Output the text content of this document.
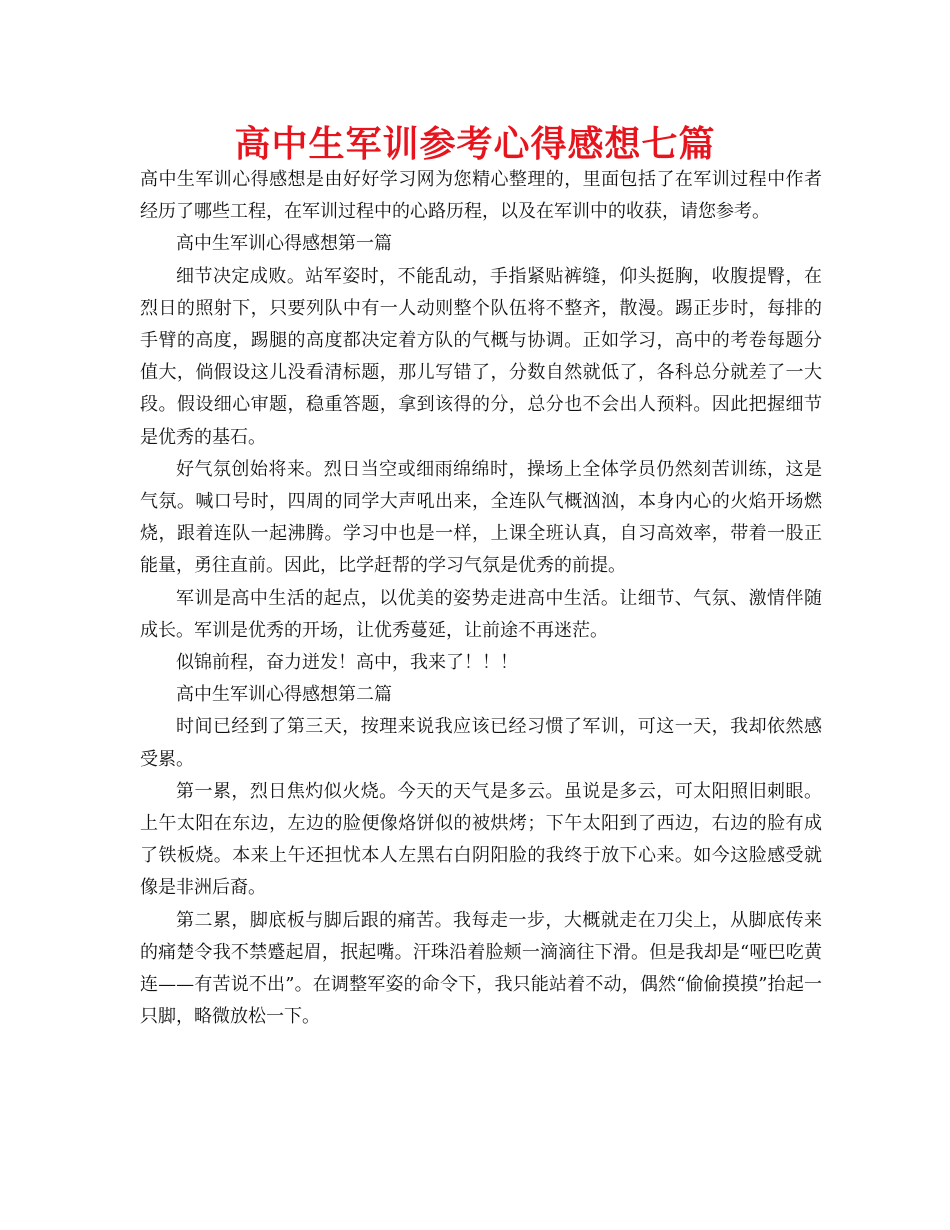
高中生军训参考心得感想七篇

高中生军训心得感想是由好好学习网为您精心整理的，里面包括了在军训过程中作者经历了哪些工程，在军训过程中的心路历程，以及在军训中的收获，请您参考。

高中生军训心得感想第一篇

细节决定成败。站军姿时，不能乱动，手指紧贴裤缝，仰头挺胸，收腹提臀，在烈日的照射下，只要列队中有一人动则整个队伍将不整齐，散漫。踢正步时，每排的手臂的高度，踢腿的高度都决定着方队的气概与协调。正如学习，高中的考卷每题分值大，倘假设这儿没看清标题，那儿写错了，分数自然就低了，各科总分就差了一大段。假设细心审题，稳重答题，拿到该得的分，总分也不会出人预料。因此把握细节是优秀的基石。

好气氛创始将来。烈日当空或细雨绵绵时，操场上全体学员仍然刻苦训练，这是气氛。喊口号时，四周的同学大声吼出来，全连队气概汹汹，本身内心的火焰开场燃烧，跟着连队一起沸腾。学习中也是一样，上课全班认真，自习高效率，带着一股正能量，勇往直前。因此，比学赶帮的学习气氛是优秀的前提。

军训是高中生活的起点，以优美的姿势走进高中生活。让细节、气氛、激情伴随成长。军训是优秀的开场，让优秀蔓延，让前途不再迷茫。

似锦前程，奋力迸发！高中，我来了！！！

高中生军训心得感想第二篇

时间已经到了第三天，按理来说我应该已经习惯了军训，可这一天，我却依然感受累。

第一累，烈日焦灼似火烧。今天的天气是多云。虽说是多云，可太阳照旧刺眼。上午太阳在东边，左边的脸便像烙饼似的被烘烤；下午太阳到了西边，右边的脸有成了铁板烧。本来上午还担忧本人左黑右白阴阳脸的我终于放下心来。如今这脸感受就像是非洲后裔。

第二累，脚底板与脚后跟的痛苦。我每走一步，大概就走在刀尖上，从脚底传来的痛楚令我不禁蹙起眉，抿起嘴。汗珠沿着脸颊一滴滴往下滑。但是我却是“哑巴吃黄连——有苦说不出”。在调整军姿的命令下，我只能站着不动，偶然“偷偷摸摸”抬起一只脚，略微放松一下。
